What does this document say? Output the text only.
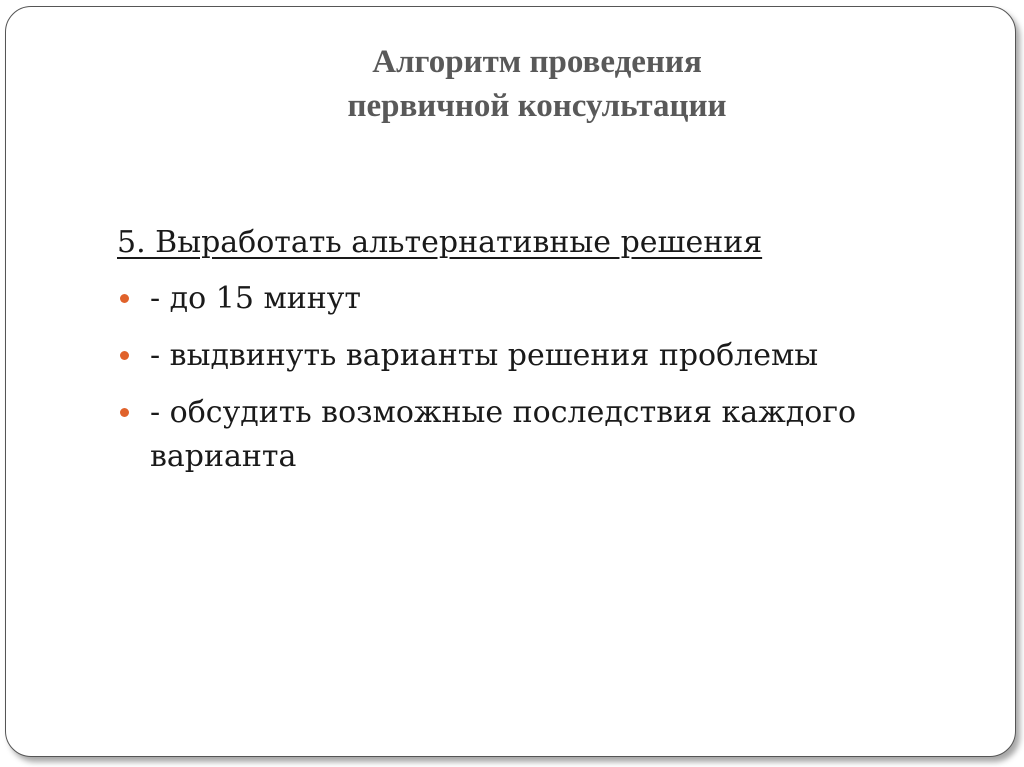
Алгоритм проведения
первичной консультации
5. Выработать альтернативные решения
- до 15 минут
- выдвинуть варианты решения проблемы
- обсудить возможные последствия каждого варианта
